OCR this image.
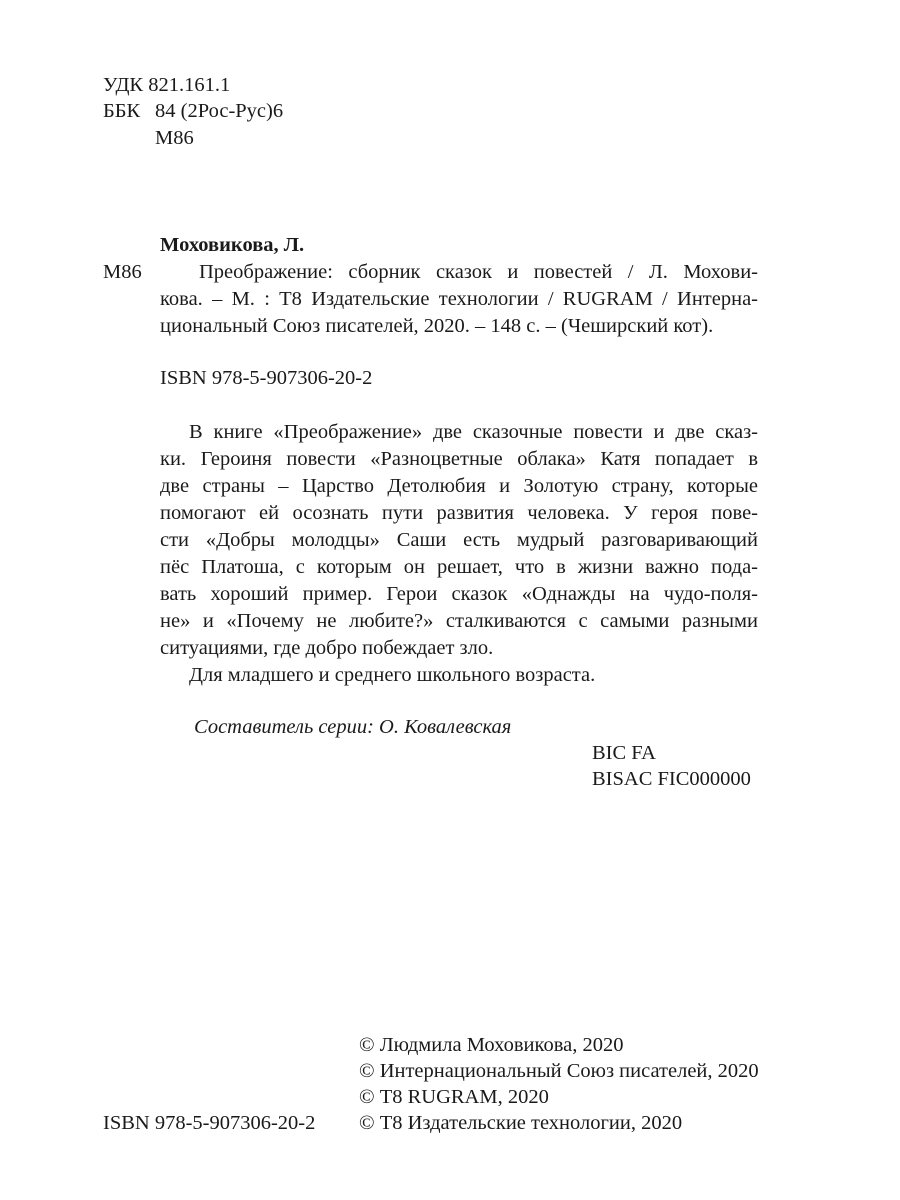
УДК 821.161.1
ББК 84 (2Рос-Рус)6
М86
Моховикова, Л.
М86	Преображение: сборник сказок и повестей / Л. Мохови-
кова. – М. : Т8 Издательские технологии / RUGRAM / Интерна-
циональный Союз писателей, 2020. – 148 с. – (Чеширский кот).
ISBN 978-5-907306-20-2
В книге «Преображение» две сказочные повести и две сказ-
ки. Героиня повести «Разноцветные облака» Катя попадает в
две страны – Царство Детолюбия и Золотую страну, которые
помогают ей осознать пути развития человека. У героя пове-
сти «Добры молодцы» Саши есть мудрый разговаривающий
пёс Платоша, с которым он решает, что в жизни важно пода-
вать хороший пример. Герои сказок «Однажды на чудо-поля-
не» и «Почему не любите?» сталкиваются с самыми разными
ситуациями, где добро побеждает зло.
Для младшего и среднего школьного возраста.
Составитель серии: О. Ковалевская
BIC FA
BISAC FIC000000
© Людмила Моховикова, 2020
© Интернациональный Союз писателей, 2020
© Т8 RUGRAM, 2020
ISBN 978-5-907306-20-2 © Т8 Издательские технологии, 2020
